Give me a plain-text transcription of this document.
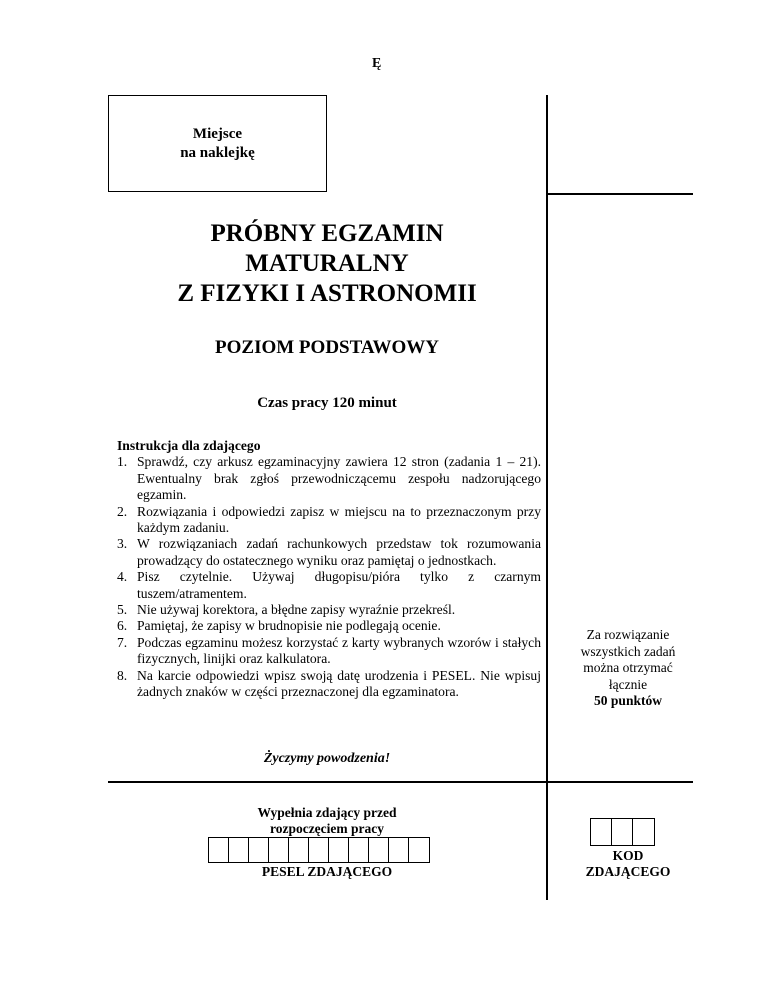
Ę
Miejsce
na naklejkę
PRÓBNY EGZAMIN
MATURALNY
Z FIZYKI I ASTRONOMII
POZIOM PODSTAWOWY
Czas pracy 120 minut
Instrukcja dla zdającego
1. Sprawdź, czy arkusz egzaminacyjny zawiera 12 stron (zadania 1 – 21). Ewentualny brak zgłoś przewodniczącemu zespołu nadzorującego egzamin.
2. Rozwiązania i odpowiedzi zapisz w miejscu na to przeznaczonym przy każdym zadaniu.
3. W rozwiązaniach zadań rachunkowych przedstaw tok rozumowania prowadzący do ostatecznego wyniku oraz pamiętaj o jednostkach.
4. Pisz czytelnie. Używaj długopisu/pióra tylko z czarnym tuszem/atramentem.
5. Nie używaj korektora, a błędne zapisy wyraźnie przekreśl.
6. Pamiętaj, że zapisy w brudnopisie nie podlegają ocenie.
7. Podczas egzaminu możesz korzystać z karty wybranych wzorów i stałych fizycznych, linijki oraz kalkulatora.
8. Na karcie odpowiedzi wpisz swoją datę urodzenia i PESEL. Nie wpisuj żadnych znaków w części przeznaczonej dla egzaminatora.
Życzymy powodzenia!
Za rozwiązanie
wszystkich zadań
można otrzymać
łącznie
50 punktów
Wypełnia zdający przed
rozpoczęciem pracy
PESEL ZDAJĄCEGO
KOD
ZDAJĄCEGO
